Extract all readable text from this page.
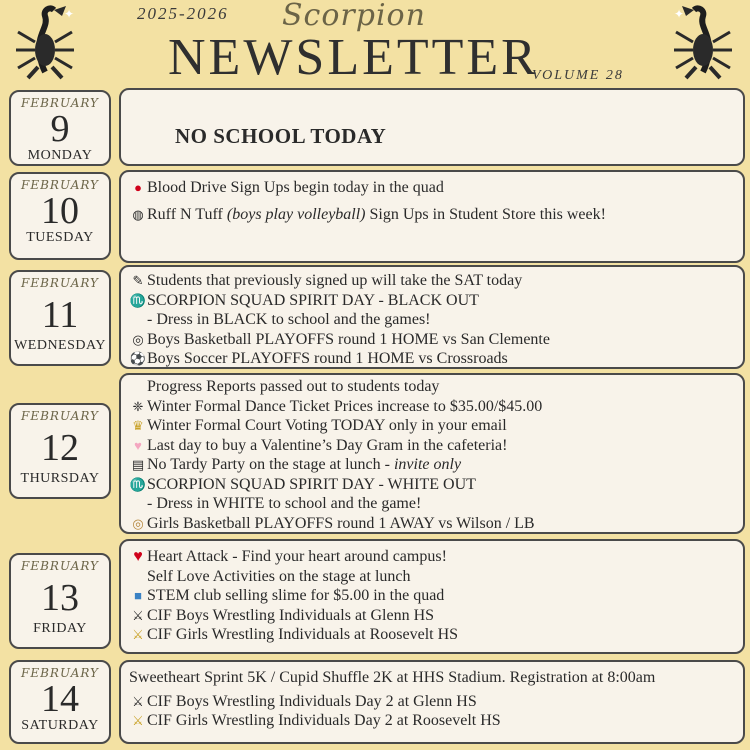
✦	2025-2026 Scorpion
NEWSLETTER
VOLUME 28
✦
FEBRUARY
9
MONDAY
NO SCHOOL TODAY
FEBRUARY
10
TUESDAY
● Blood Drive Sign Ups begin today in the quad
◍ Ruff N Tuff (boys play volleyball) Sign Ups in Student Store this week!
FEBRUARY
11
WEDNESDAY
✎ Students that previously signed up will take the SAT today
♏SCORPION SQUAD SPIRIT DAY - BLACK OUT
- Dress in BLACK to school and the games!
◎ Boys Basketball PLAYOFFS round 1 HOME vs San Clemente
⚽Boys Soccer PLAYOFFS round 1 HOME vs Crossroads
FEBRUARY
12
THURSDAY
Progress Reports passed out to students today
❈ Winter Formal Dance Ticket Prices increase to $35.00/$45.00
♛ Winter Formal Court Voting TODAY only in your email
♥ Last day to buy a Valentine’s Day Gram in the cafeteria!
▤ No Tardy Party on the stage at lunch - invite only
♏SCORPION SQUAD SPIRIT DAY - WHITE OUT
- Dress in WHITE to school and the game!
◎ Girls Basketball PLAYOFFS round 1 AWAY vs Wilson / LB
FEBRUARY
13
FRIDAY
♥ Heart Attack - Find your heart around campus!
Self Love Activities on the stage at lunch
■ STEM club selling slime for $5.00 in the quad
⚔ CIF Boys Wrestling Individuals at Glenn HS
⚔ CIF Girls Wrestling Individuals at Roosevelt HS
FEBRUARY
14
SATURDAY
Sweetheart Sprint 5K / Cupid Shuffle 2K at HHS Stadium. Registration at 8:00am
⚔ CIF Boys Wrestling Individuals Day 2 at Glenn HS
⚔ CIF Girls Wrestling Individuals Day 2 at Roosevelt HS
